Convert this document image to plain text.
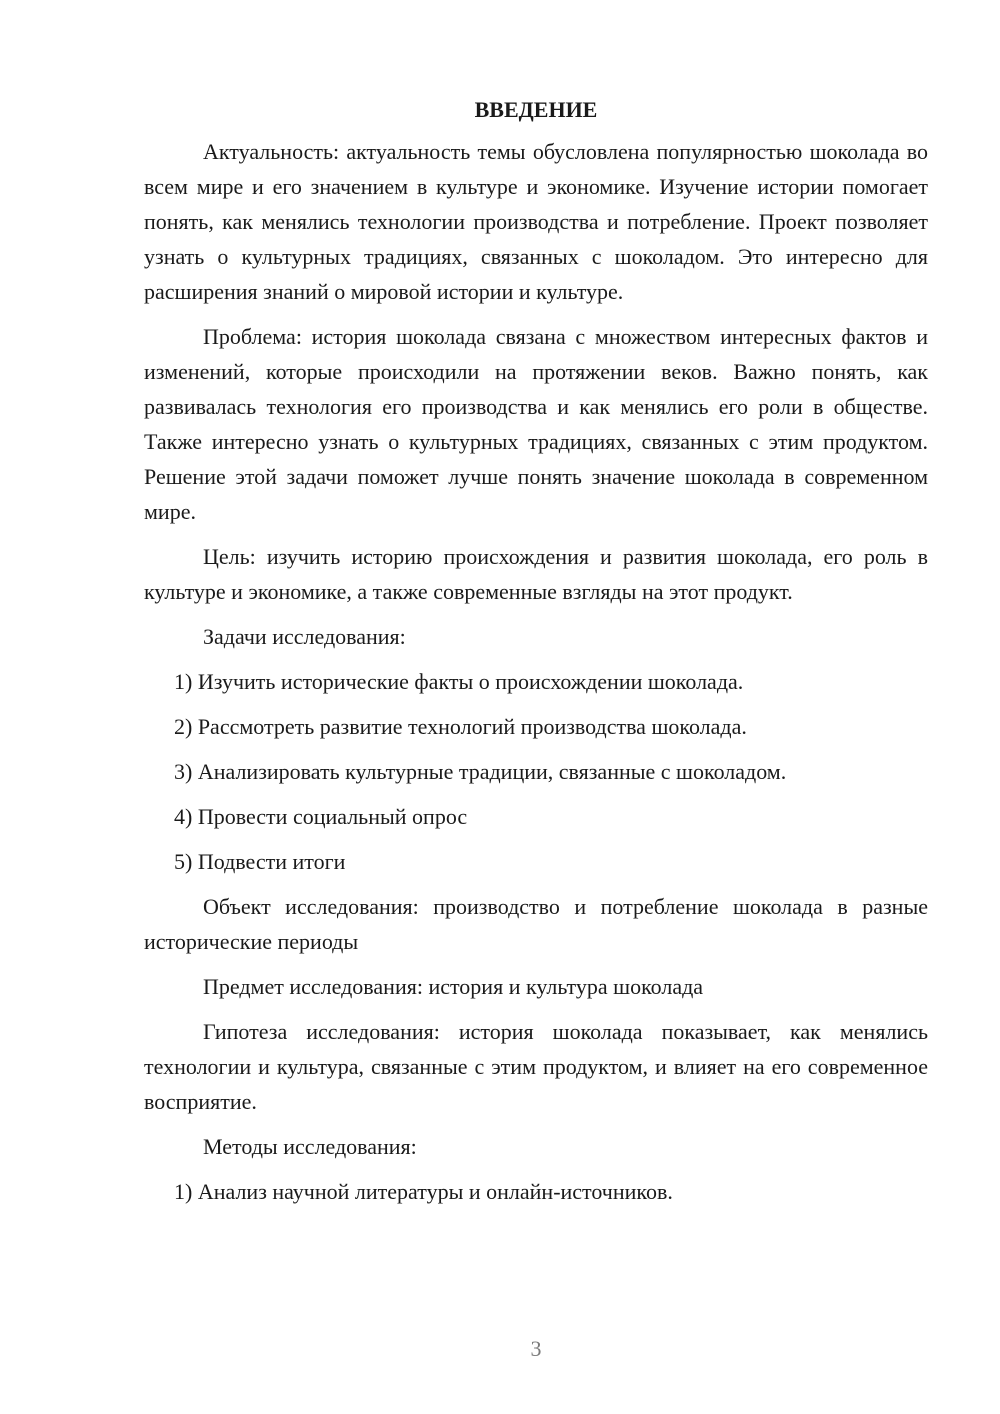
ВВЕДЕНИЕ

Актуальность: актуальность темы обусловлена популярностью шоколада во всем мире и его значением в культуре и экономике. Изучение истории помогает понять, как менялись технологии производства и потребление. Проект позволяет узнать о культурных традициях, связанных с шоколадом. Это интересно для расширения знаний о мировой истории и культуре.

Проблема: история шоколада связана с множеством интересных фактов и изменений, которые происходили на протяжении веков. Важно понять, как развивалась технология его производства и как менялись его роли в обществе. Также интересно узнать о культурных традициях, связанных с этим продуктом. Решение этой задачи поможет лучше понять значение шоколада в современном мире.

Цель: изучить историю происхождения и развития шоколада, его роль в культуре и экономике, а также современные взгляды на этот продукт.

Задачи исследования:

1) Изучить исторические факты о происхождении шоколада.
2) Рассмотреть развитие технологий производства шоколада.
3) Анализировать культурные традиции, связанные с шоколадом.
4) Провести социальный опрос
5) Подвести итоги

Объект исследования: производство и потребление шоколада в разные исторические периоды

Предмет исследования: история и культура шоколада

Гипотеза исследования: история шоколада показывает, как менялись технологии и культура, связанные с этим продуктом, и влияет на его современное восприятие.

Методы исследования:

1) Анализ научной литературы и онлайн-источников.
3
